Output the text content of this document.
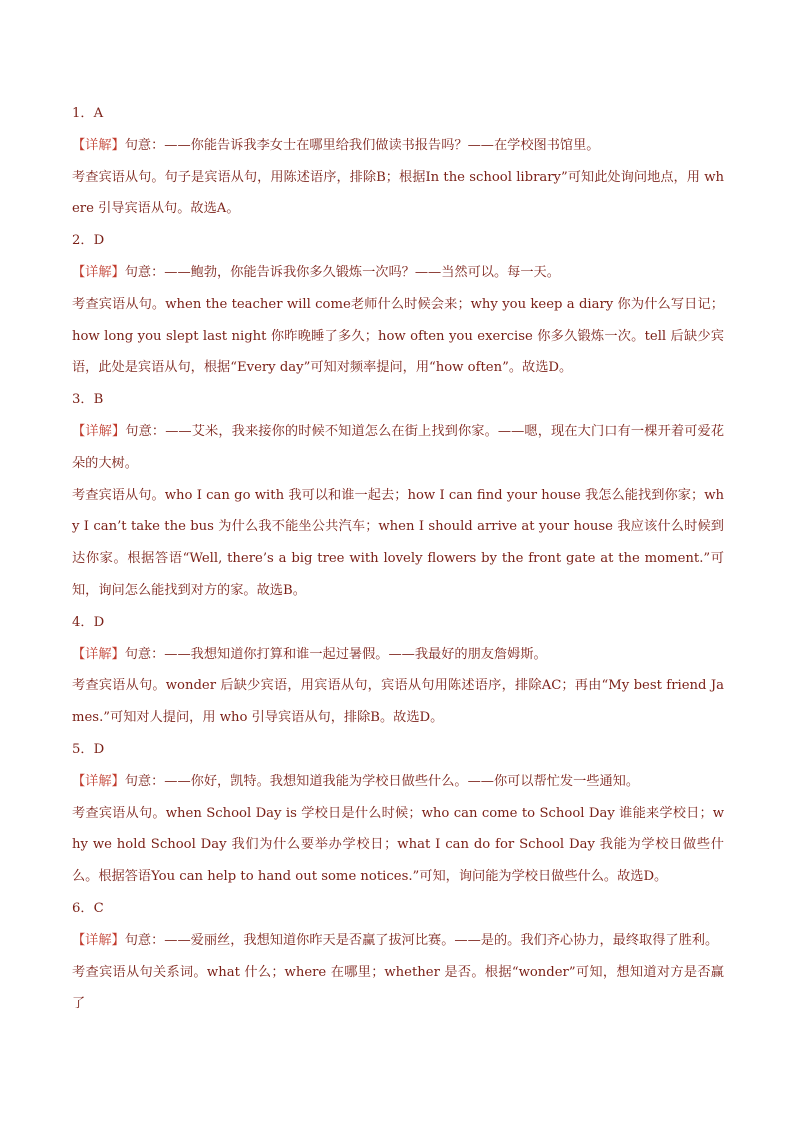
1．A

【详解】句意：——你能告诉我李女士在哪里给我们做读书报告吗？——在学校图书馆里。

考查宾语从句。句子是宾语从句，用陈述语序，排除B；根据In the school library”可知此处询问地点，用 where 引导宾语从句。故选A。

2．D

【详解】句意：——鲍勃，你能告诉我你多久锻炼一次吗？——当然可以。每一天。

考查宾语从句。when the teacher will come老师什么时候会来；why you keep a diary 你为什么写日记；how long you slept last night 你昨晚睡了多久；how often you exercise 你多久锻炼一次。tell 后缺少宾语，此处是宾语从句，根据“Every day”可知对频率提问，用“how often”。故选D。

3．B

【详解】句意：——艾米，我来接你的时候不知道怎么在街上找到你家。——嗯，现在大门口有一棵开着可爱花朵的大树。

考查宾语从句。who I can go with 我可以和谁一起去；how I can find your house 我怎么能找到你家；why I can’t take the bus 为什么我不能坐公共汽车；when I should arrive at your house 我应该什么时候到达你家。根据答语“Well, there’s a big tree with lovely flowers by the front gate at the moment.”可知，询问怎么能找到对方的家。故选B。

4．D

【详解】句意：——我想知道你打算和谁一起过暑假。——我最好的朋友詹姆斯。

考查宾语从句。wonder 后缺少宾语，用宾语从句，宾语从句用陈述语序，排除AC；再由“My best friend James.”可知对人提问，用 who 引导宾语从句，排除B。故选D。

5．D

【详解】句意：——你好，凯特。我想知道我能为学校日做些什么。——你可以帮忙发一些通知。

考查宾语从句。when School Day is 学校日是什么时候；who can come to School Day 谁能来学校日；why we hold School Day 我们为什么要举办学校日；what I can do for School Day 我能为学校日做些什么。根据答语You can help to hand out some notices.”可知，询问能为学校日做些什么。故选D。

6．C

【详解】句意：——爱丽丝，我想知道你昨天是否赢了拔河比赛。——是的。我们齐心协力，最终取得了胜利。

考查宾语从句关系词。what 什么；where 在哪里；whether 是否。根据“wonder”可知，想知道对方是否赢了
